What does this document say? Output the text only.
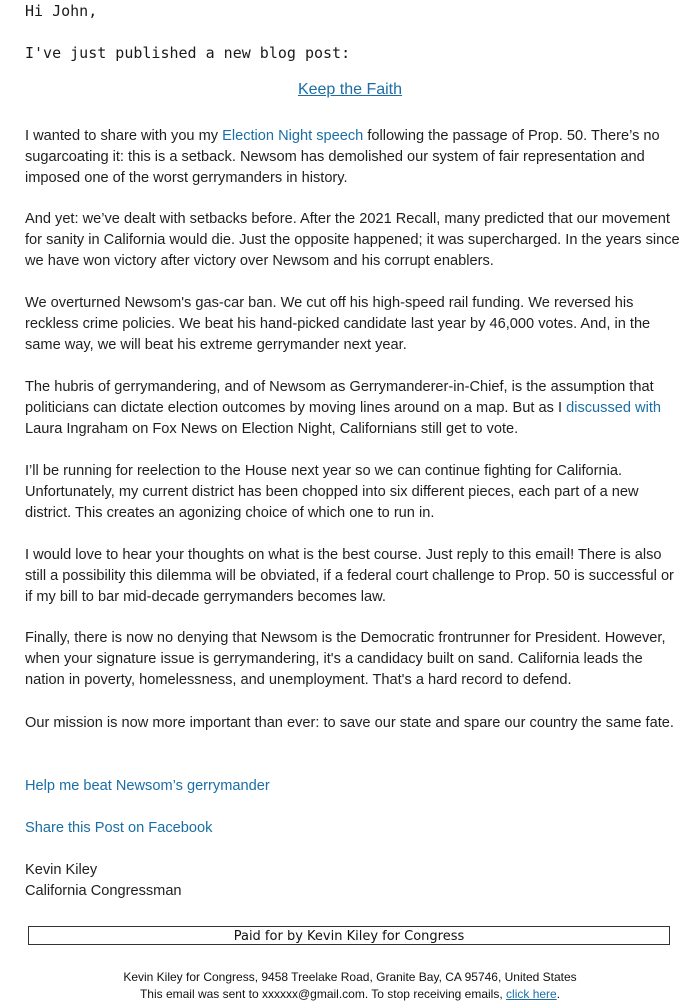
Hi John,
I've just published a new blog post:
Keep the Faith
I wanted to share with you my Election Night speech following the passage of Prop. 50. There’s no sugarcoating it: this is a setback. Newsom has demolished our system of fair representation and imposed one of the worst gerrymanders in history.
And yet: we’ve dealt with setbacks before. After the 2021 Recall, many predicted that our movement for sanity in California would die. Just the opposite happened; it was supercharged. In the years since we have won victory after victory over Newsom and his corrupt enablers.
We overturned Newsom's gas-car ban. We cut off his high-speed rail funding. We reversed his reckless crime policies. We beat his hand-picked candidate last year by 46,000 votes. And, in the same way, we will beat his extreme gerrymander next year.
The hubris of gerrymandering, and of Newsom as Gerrymanderer-in-Chief, is the assumption that politicians can dictate election outcomes by moving lines around on a map. But as I discussed with Laura Ingraham on Fox News on Election Night, Californians still get to vote.
I’ll be running for reelection to the House next year so we can continue fighting for California. Unfortunately, my current district has been chopped into six different pieces, each part of a new district. This creates an agonizing choice of which one to run in.
I would love to hear your thoughts on what is the best course. Just reply to this email! There is also still a possibility this dilemma will be obviated, if a federal court challenge to Prop. 50 is successful or if my bill to bar mid-decade gerrymanders becomes law.
Finally, there is now no denying that Newsom is the Democratic frontrunner for President. However, when your signature issue is gerrymandering, it's a candidacy built on sand. California leads the nation in poverty, homelessness, and unemployment. That's a hard record to defend.
Our mission is now more important than ever: to save our state and spare our country the same fate.
Help me beat Newsom’s gerrymander
Share this Post on Facebook
Kevin Kiley
California Congressman
Paid for by Kevin Kiley for Congress
Kevin Kiley for Congress, 9458 Treelake Road, Granite Bay, CA 95746, United States
This email was sent to xxxxxx@gmail.com. To stop receiving emails, click here.
